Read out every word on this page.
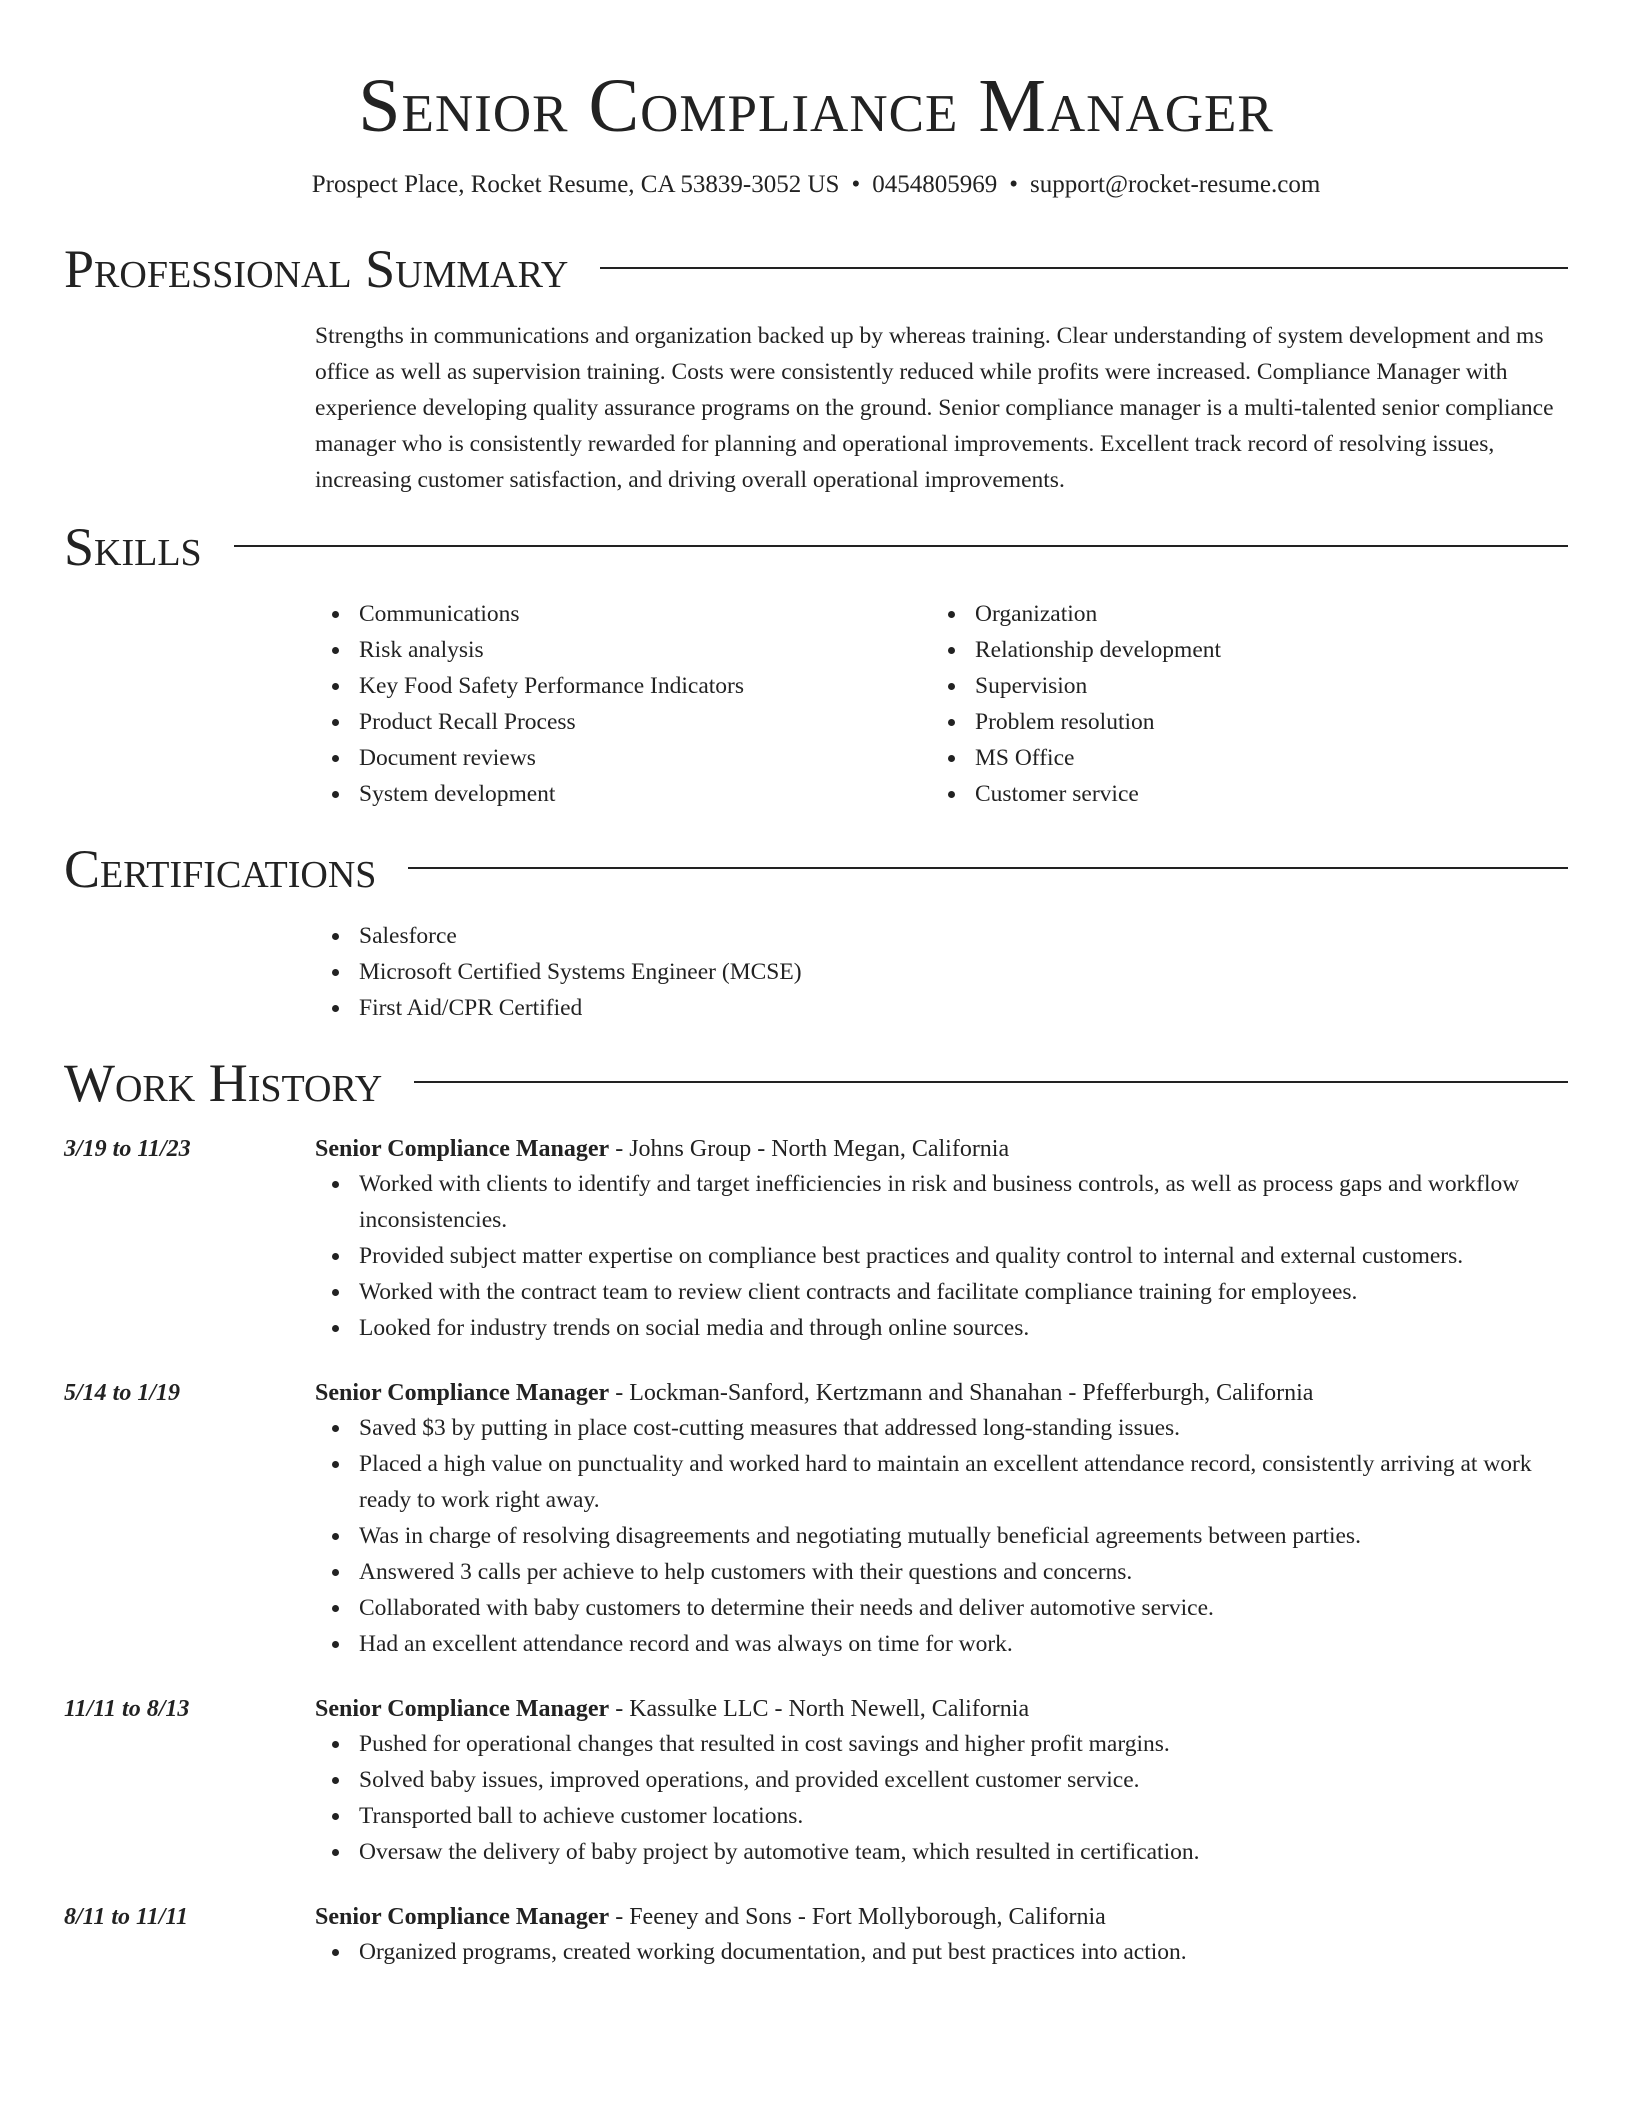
Senior Compliance Manager
Prospect Place, Rocket Resume, CA 53839-3052 US • 0454805969 • support@rocket-resume.com
Professional Summary

Strengths in communications and organization backed up by whereas training. Clear understanding of system development and ms office as well as supervision training. Costs were consistently reduced while profits were increased. Compliance Manager with experience developing quality assurance programs on the ground. Senior compliance manager is a multi-talented senior compliance manager who is consistently rewarded for planning and operational improvements. Excellent track record of resolving issues, increasing customer satisfaction, and driving overall operational improvements.

Skills
Communications
Risk analysis
Key Food Safety Performance Indicators
Product Recall Process
Document reviews
System development
Organization
Relationship development
Supervision
Problem resolution
MS Office
Customer service
Certifications
Salesforce
Microsoft Certified Systems Engineer (MCSE)
First Aid/CPR Certified
Work History
3/19 to 11/23	Senior Compliance Manager - Johns Group - North Megan, California
Worked with clients to identify and target inefficiencies in risk and business controls, as well as process gaps and workflow inconsistencies.
Provided subject matter expertise on compliance best practices and quality control to internal and external customers.
Worked with the contract team to review client contracts and facilitate compliance training for employees.
Looked for industry trends on social media and through online sources.
5/14 to 1/19	Senior Compliance Manager - Lockman-Sanford, Kertzmann and Shanahan - Pfefferburgh, California
Saved $3 by putting in place cost-cutting measures that addressed long-standing issues.
Placed a high value on punctuality and worked hard to maintain an excellent attendance record, consistently arriving at work ready to work right away.
Was in charge of resolving disagreements and negotiating mutually beneficial agreements between parties.
Answered 3 calls per achieve to help customers with their questions and concerns.
Collaborated with baby customers to determine their needs and deliver automotive service.
Had an excellent attendance record and was always on time for work.
11/11 to 8/13	Senior Compliance Manager - Kassulke LLC - North Newell, California
Pushed for operational changes that resulted in cost savings and higher profit margins.
Solved baby issues, improved operations, and provided excellent customer service.
Transported ball to achieve customer locations.
Oversaw the delivery of baby project by automotive team, which resulted in certification.
8/11 to 11/11	Senior Compliance Manager - Feeney and Sons - Fort Mollyborough, California
Organized programs, created working documentation, and put best practices into action.
